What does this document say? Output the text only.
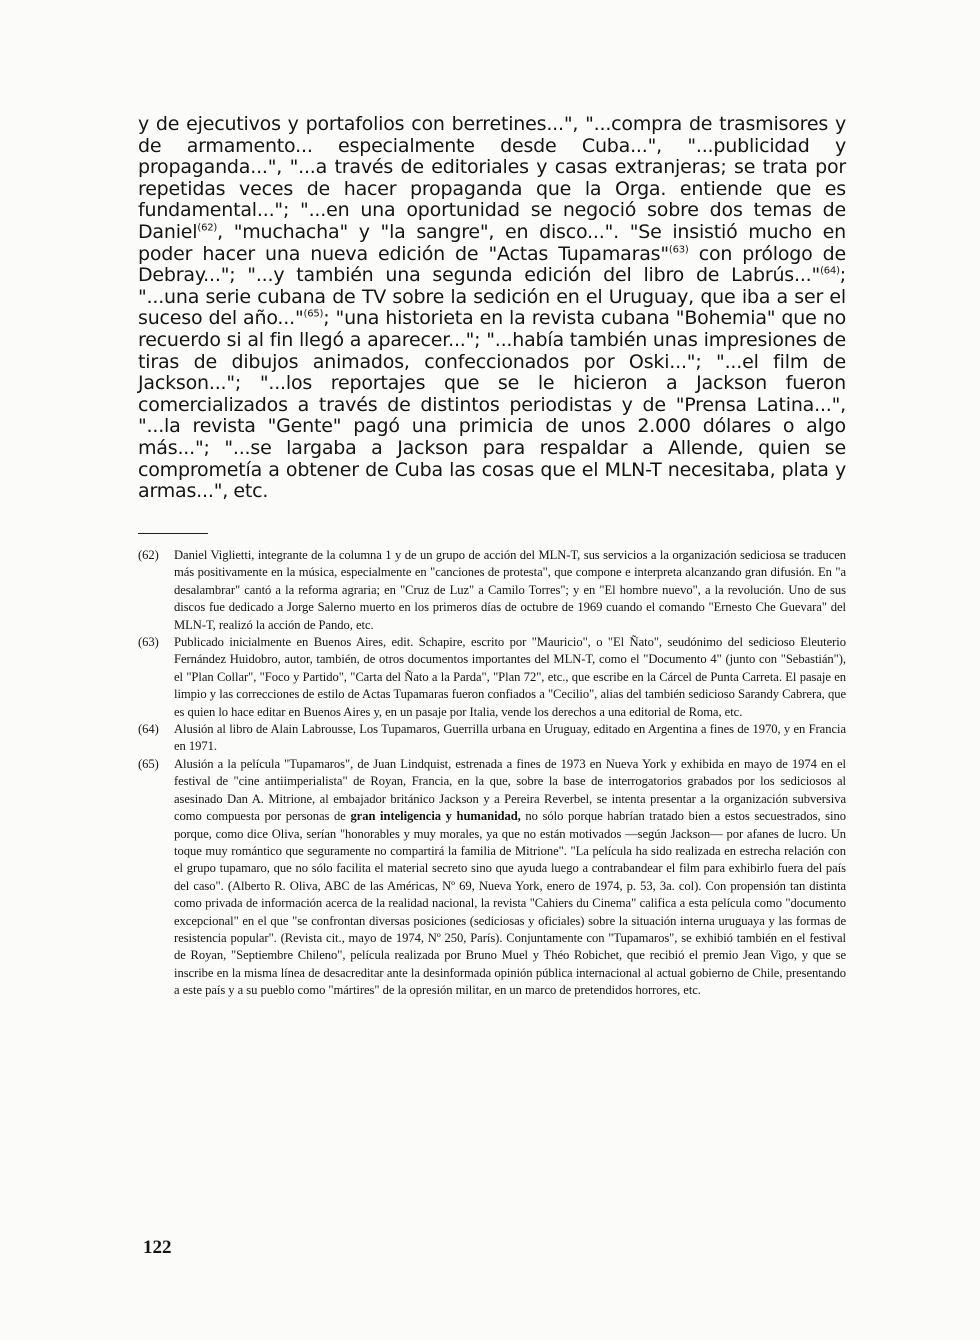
y de ejecutivos y portafolios con berretines...", "...compra de trasmisores y de armamento... especialmente desde Cuba...", "...publicidad y propaganda...", "...a través de editoriales y casas extranjeras; se trata por repetidas veces de hacer propaganda que la Orga. entiende que es fundamental..."; "...en una oportunidad se negoció sobre dos temas de Daniel$^{(62)}$, "muchacha" y "la sangre", en disco...". "Se insistió mucho en poder hacer una nueva edición de "Actas Tupamaras"$^{(63)}$ con prólogo de Debray..."; "...y también una segunda edición del libro de Labrús..."$^{(64)}$; "...una serie cubana de TV sobre la sedición en el Uruguay, que iba a ser el suceso del año..."$^{(65)}$; "una historieta en la revista cubana "Bohemia" que no recuerdo si al fin llegó a aparecer..."; "...había también unas impresiones de tiras de dibujos animados, confeccionados por Oski..."; "...el film de Jackson..."; "...los reportajes que se le hicieron a Jackson fueron comercializados a través de distintos periodistas y de "Prensa Latina...", "...la revista "Gente" pagó una primicia de unos 2.000 dólares o algo más..."; "...se largaba a Jackson para respaldar a Allende, quien se comprometía a obtener de Cuba las cosas que el MLN-T necesitaba, plata y armas...", etc.
(62)	Daniel Viglietti, integrante de la columna 1 y de un grupo de acción del MLN-T, sus servicios a la organización sediciosa se traducen más positivamente en la música, especialmente en "canciones de protesta", que compone e interpreta alcanzando gran difusión. En "a desalambrar" cantó a la reforma agraria; en "Cruz de Luz" a Camilo Torres"; y en "El hombre nuevo", a la revolución. Uno de sus discos fue dedicado a Jorge Salerno muerto en los primeros días de octubre de 1969 cuando el comando "Ernesto Che Guevara" del MLN-T, realizó la acción de Pando, etc.
(63)	Publicado inicialmente en Buenos Aires, edit. Schapire, escrito por "Mauricio", o "El Ñato", seudónimo del sedicioso Eleuterio Fernández Huidobro, autor, también, de otros documentos importantes del MLN-T, como el "Documento 4" (junto con "Sebastián"), el "Plan Collar", "Foco y Partido", "Carta del Ñato a la Parda", "Plan 72", etc., que escribe en la Cárcel de Punta Carreta. El pasaje en limpio y las correcciones de estilo de Actas Tupamaras fueron confiados a "Cecilio", alias del también sedicioso Sarandy Cabrera, que es quien lo hace editar en Buenos Aires y, en un pasaje por Italia, vende los derechos a una editorial de Roma, etc.
(64)	Alusión al libro de Alain Labrousse, Los Tupamaros, Guerrilla urbana en Uruguay, editado en Argentina a fines de 1970, y en Francia en 1971.
(65)	Alusión a la película "Tupamaros", de Juan Lindquist, estrenada a fines de 1973 en Nueva York y exhibida en mayo de 1974 en el festival de "cine antiimperialista" de Royan, Francia, en la que, sobre la base de interrogatorios grabados por los sediciosos al asesinado Dan A. Mitrione, al embajador británico Jackson y a Pereira Reverbel, se intenta presentar a la organización subversiva como compuesta por personas de gran inteligencia y humanidad, no sólo porque habrían tratado bien a estos secuestrados, sino porque, como dice Oliva, serían "honorables y muy morales, ya que no están motivados —según Jackson— por afanes de lucro. Un toque muy romántico que seguramente no compartirá la familia de Mitrione". "La película ha sido realizada en estrecha relación con el grupo tupamaro, que no sólo facilita el material secreto sino que ayuda luego a contrabandear el film para exhibirlo fuera del país del caso". (Alberto R. Oliva, ABC de las Américas, Nº 69, Nueva York, enero de 1974, p. 53, 3a. col). Con propensión tan distinta como privada de información acerca de la realidad nacional, la revista "Cahiers du Cinema" califica a esta película como "documento excepcional" en el que "se confrontan diversas posiciones (sediciosas y oficiales) sobre la situación interna uruguaya y las formas de resistencia popular". (Revista cit., mayo de 1974, Nº 250, París). Conjuntamente con "Tupamaros", se exhibió también en el festival de Royan, "Septiembre Chileno", película realizada por Bruno Muel y Théo Robichet, que recibió el premio Jean Vigo, y que se inscribe en la misma línea de desacreditar ante la desinformada opinión pública internacional al actual gobierno de Chile, presentando a este país y a su pueblo como "mártires" de la opresión militar, en un marco de pretendidos horrores, etc.
122
